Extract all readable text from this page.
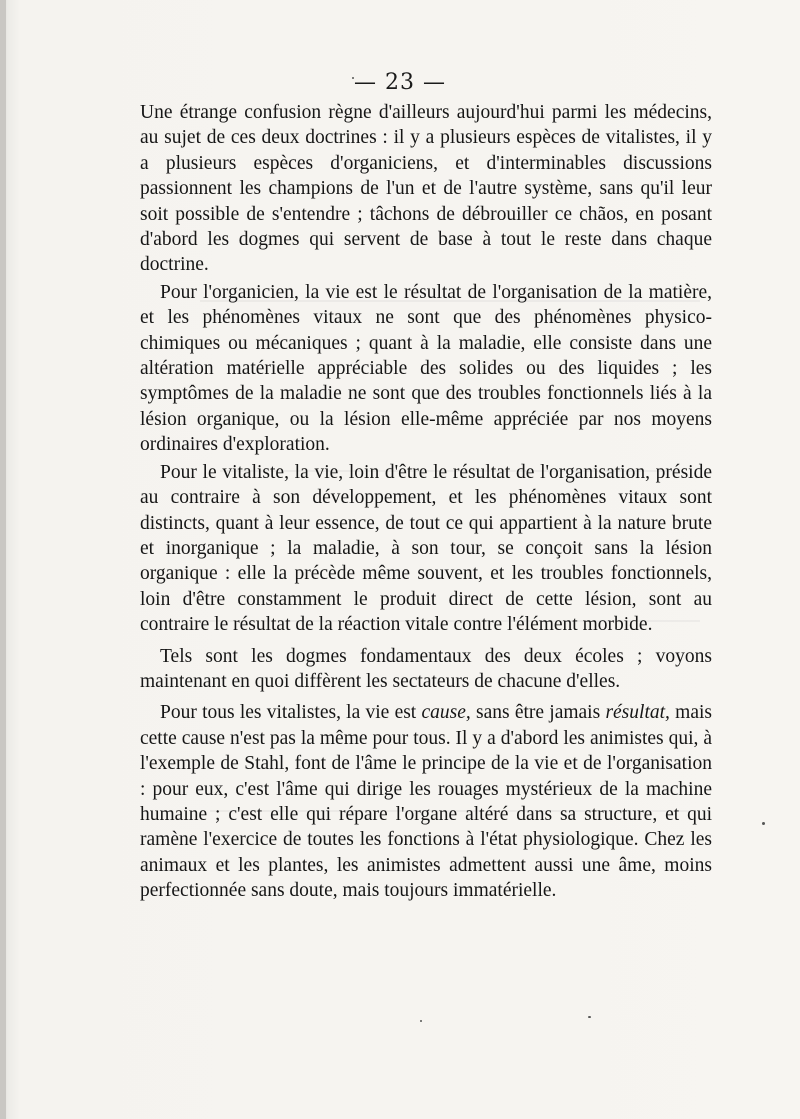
— 23 —

Une étrange confusion règne d'ailleurs aujourd'hui parmi les médecins, au sujet de ces deux doctrines : il y a plusieurs espèces de vitalistes, il y a plusieurs espèces d'organiciens, et d'interminables discussions passionnent les champions de l'un et de l'autre système, sans qu'il leur soit possible de s'entendre ; tâchons de débrouiller ce chãos, en posant d'abord les dogmes qui servent de base à tout le reste dans chaque doctrine.

Pour l'organicien, la vie est le résultat de l'organisation de la matière, et les phénomènes vitaux ne sont que des phénomènes physico-chimiques ou mécaniques ; quant à la maladie, elle consiste dans une altération matérielle appréciable des solides ou des liquides ; les symptômes de la maladie ne sont que des troubles fonctionnels liés à la lésion organique, ou la lésion elle-même appréciée par nos moyens ordinaires d'exploration.

Pour le vitaliste, la vie, loin d'être le résultat de l'organisation, préside au contraire à son développement, et les phénomènes vitaux sont distincts, quant à leur essence, de tout ce qui appartient à la nature brute et inorganique ; la maladie, à son tour, se conçoit sans la lésion organique : elle la précède même souvent, et les troubles fonctionnels, loin d'être constamment le produit direct de cette lésion, sont au contraire le résultat de la réaction vitale contre l'élément morbide.

Tels sont les dogmes fondamentaux des deux écoles ; voyons maintenant en quoi diffèrent les sectateurs de chacune d'elles.

Pour tous les vitalistes, la vie est cause, sans être jamais résultat, mais cette cause n'est pas la même pour tous. Il y a d'abord les animistes qui, à l'exemple de Stahl, font de l'âme le principe de la vie et de l'organisation : pour eux, c'est l'âme qui dirige les rouages mystérieux de la machine humaine ; c'est elle qui répare l'organe altéré dans sa structure, et qui ramène l'exercice de toutes les fonctions à l'état physiologique. Chez les animaux et les plantes, les animistes admettent aussi une âme, moins perfectionnée sans doute, mais toujours immatérielle.
